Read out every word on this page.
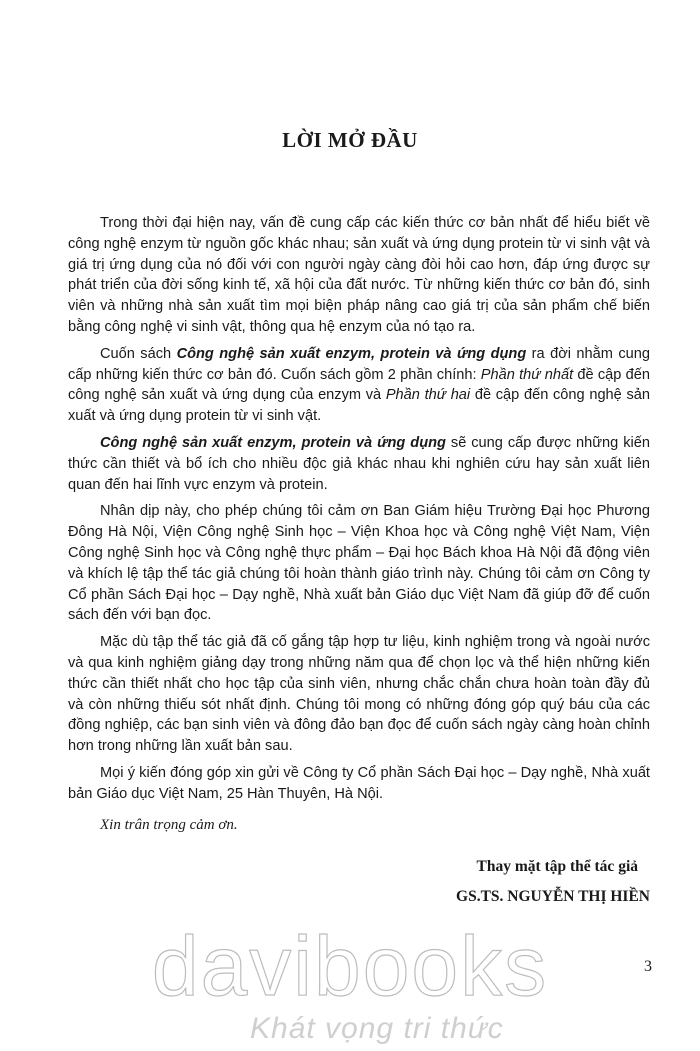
LỜI MỞ ĐẦU

Trong thời đại hiện nay, vấn đề cung cấp các kiến thức cơ bản nhất để hiểu biết về công nghệ enzym từ nguồn gốc khác nhau; sản xuất và ứng dụng protein từ vi sinh vật và giá trị ứng dụng của nó đối với con người ngày càng đòi hỏi cao hơn, đáp ứng được sự phát triển của đời sống kinh tế, xã hội của đất nước. Từ những kiến thức cơ bản đó, sinh viên và những nhà sản xuất tìm mọi biện pháp nâng cao giá trị của sản phẩm chế biến bằng công nghệ vi sinh vật, thông qua hệ enzym của nó tạo ra.

Cuốn sách Công nghệ sản xuất enzym, protein và ứng dụng ra đời nhằm cung cấp những kiến thức cơ bản đó. Cuốn sách gồm 2 phần chính: Phần thứ nhất đề cập đến công nghệ sản xuất và ứng dụng của enzym và Phần thứ hai đề cập đến công nghệ sản xuất và ứng dụng protein từ vi sinh vật.

Công nghệ sản xuất enzym, protein và ứng dụng sẽ cung cấp được những kiến thức cần thiết và bổ ích cho nhiều độc giả khác nhau khi nghiên cứu hay sản xuất liên quan đến hai lĩnh vực enzym và protein.

Nhân dịp này, cho phép chúng tôi cảm ơn Ban Giám hiệu Trường Đại học Phương Đông Hà Nội, Viện Công nghệ Sinh học – Viện Khoa học và Công nghệ Việt Nam, Viện Công nghệ Sinh học và Công nghệ thực phẩm – Đại học Bách khoa Hà Nội đã động viên và khích lệ tập thể tác giả chúng tôi hoàn thành giáo trình này. Chúng tôi cảm ơn Công ty Cổ phần Sách Đại học – Dạy nghề, Nhà xuất bản Giáo dục Việt Nam đã giúp đỡ để cuốn sách đến với bạn đọc.

Mặc dù tập thể tác giả đã cố gắng tập hợp tư liệu, kinh nghiệm trong và ngoài nước và qua kinh nghiệm giảng dạy trong những năm qua để chọn lọc và thể hiện những kiến thức cần thiết nhất cho học tập của sinh viên, nhưng chắc chắn chưa hoàn toàn đầy đủ và còn những thiếu sót nhất định. Chúng tôi mong có những đóng góp quý báu của các đồng nghiệp, các bạn sinh viên và đông đảo bạn đọc để cuốn sách ngày càng hoàn chỉnh hơn trong những lần xuất bản sau.

Mọi ý kiến đóng góp xin gửi về Công ty Cổ phần Sách Đại học – Dạy nghề, Nhà xuất bản Giáo dục Việt Nam, 25 Hàn Thuyên, Hà Nội.

Xin trân trọng cảm ơn.

Thay mặt tập thể tác giả
GS.TS. NGUYỄN THỊ HIỀN
davibooks
Khát vọng tri thức
3
